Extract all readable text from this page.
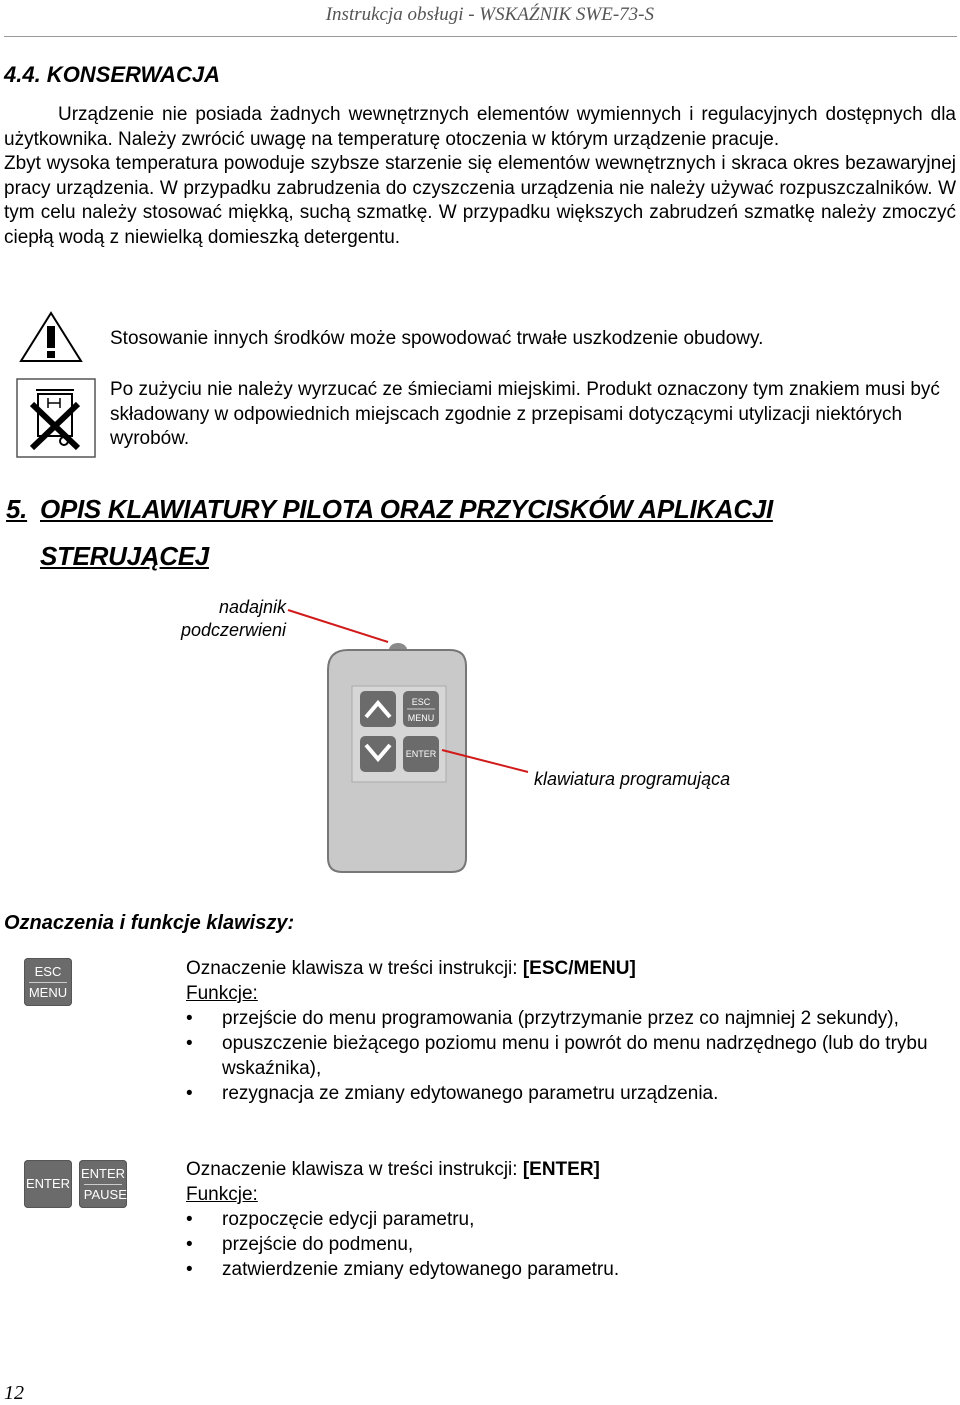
Instrukcja obsługi - WSKAŹNIK SWE-73-S
4.4. KONSERWACJA

Urządzenie nie posiada żadnych wewnętrznych elementów wymiennych i regulacyjnych dostępnych dla użytkownika. Należy zwrócić uwagę na temperaturę otoczenia w którym urządzenie pracuje.

Zbyt wysoka temperatura powoduje szybsze starzenie się elementów wewnętrznych i skraca okres bezawaryjnej pracy urządzenia. W przypadku zabrudzenia do czyszczenia urządzenia nie należy używać rozpuszczalników. W tym celu należy stosować miękką, suchą szmatkę. W przypadku większych zabrudzeń szmatkę należy zmoczyć ciepłą wodą z niewielką domieszką detergentu.

Stosowanie innych środków może spowodować trwałe uszkodzenie obudowy.
Po zużyciu nie należy wyrzucać ze śmieciami miejskimi. Produkt oznaczony tym znakiem musi być składowany w odpowiednich miejscach zgodnie z przepisami dotyczącymi utylizacji niektórych wyrobów.
5. OPIS KLAWIATURY PILOTA ORAZ PRZYCISKÓW APLIKACJI
STERUJĄCEJ
nadajnik
podczerwieni
klawiatura programująca
ESC
MENU
ENTER
Oznaczenia i funkcje klawiszy:
ESC
MENU
Oznaczenie klawisza w treści instrukcji: [ESC/MENU]
Funkcje:
• przejście do menu programowania (przytrzymanie przez co najmniej 2 sekundy),
• opuszczenie bieżącego poziomu menu i powrót do menu nadrzędnego (lub do trybu wskaźnika),
• rezygnacja ze zmiany edytowanego parametru urządzenia.
ENTER
ENTER
PAUSE
Oznaczenie klawisza w treści instrukcji: [ENTER]
Funkcje:
• rozpoczęcie edycji parametru,
• przejście do podmenu,
• zatwierdzenie zmiany edytowanego parametru.
12
